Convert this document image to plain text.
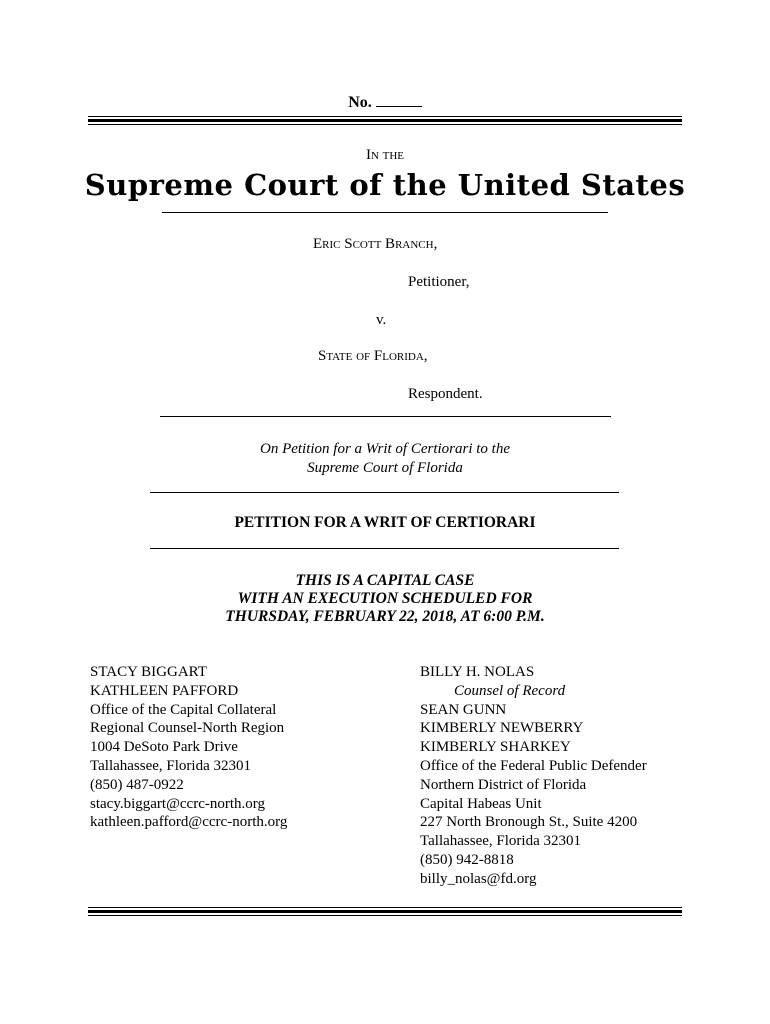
No.
In the
Supreme Court of the United States
Eric Scott Branch,
Petitioner,
v.
State of Florida,
Respondent.
On Petition for a Writ of Certiorari to the
Supreme Court of Florida
PETITION FOR A WRIT OF CERTIORARI
THIS IS A CAPITAL CASE
WITH AN EXECUTION SCHEDULED FOR
THURSDAY, FEBRUARY 22, 2018, AT 6:00 P.M.
STACY BIGGART
KATHLEEN PAFFORD
Office of the Capital Collateral
Regional Counsel-North Region
1004 DeSoto Park Drive
Tallahassee, Florida 32301
(850) 487-0922
stacy.biggart@ccrc-north.org
kathleen.pafford@ccrc-north.org
BILLY H. NOLAS
Counsel of Record
SEAN GUNN
KIMBERLY NEWBERRY
KIMBERLY SHARKEY
Office of the Federal Public Defender
Northern District of Florida
Capital Habeas Unit
227 North Bronough St., Suite 4200
Tallahassee, Florida 32301
(850) 942-8818
billy_nolas@fd.org
